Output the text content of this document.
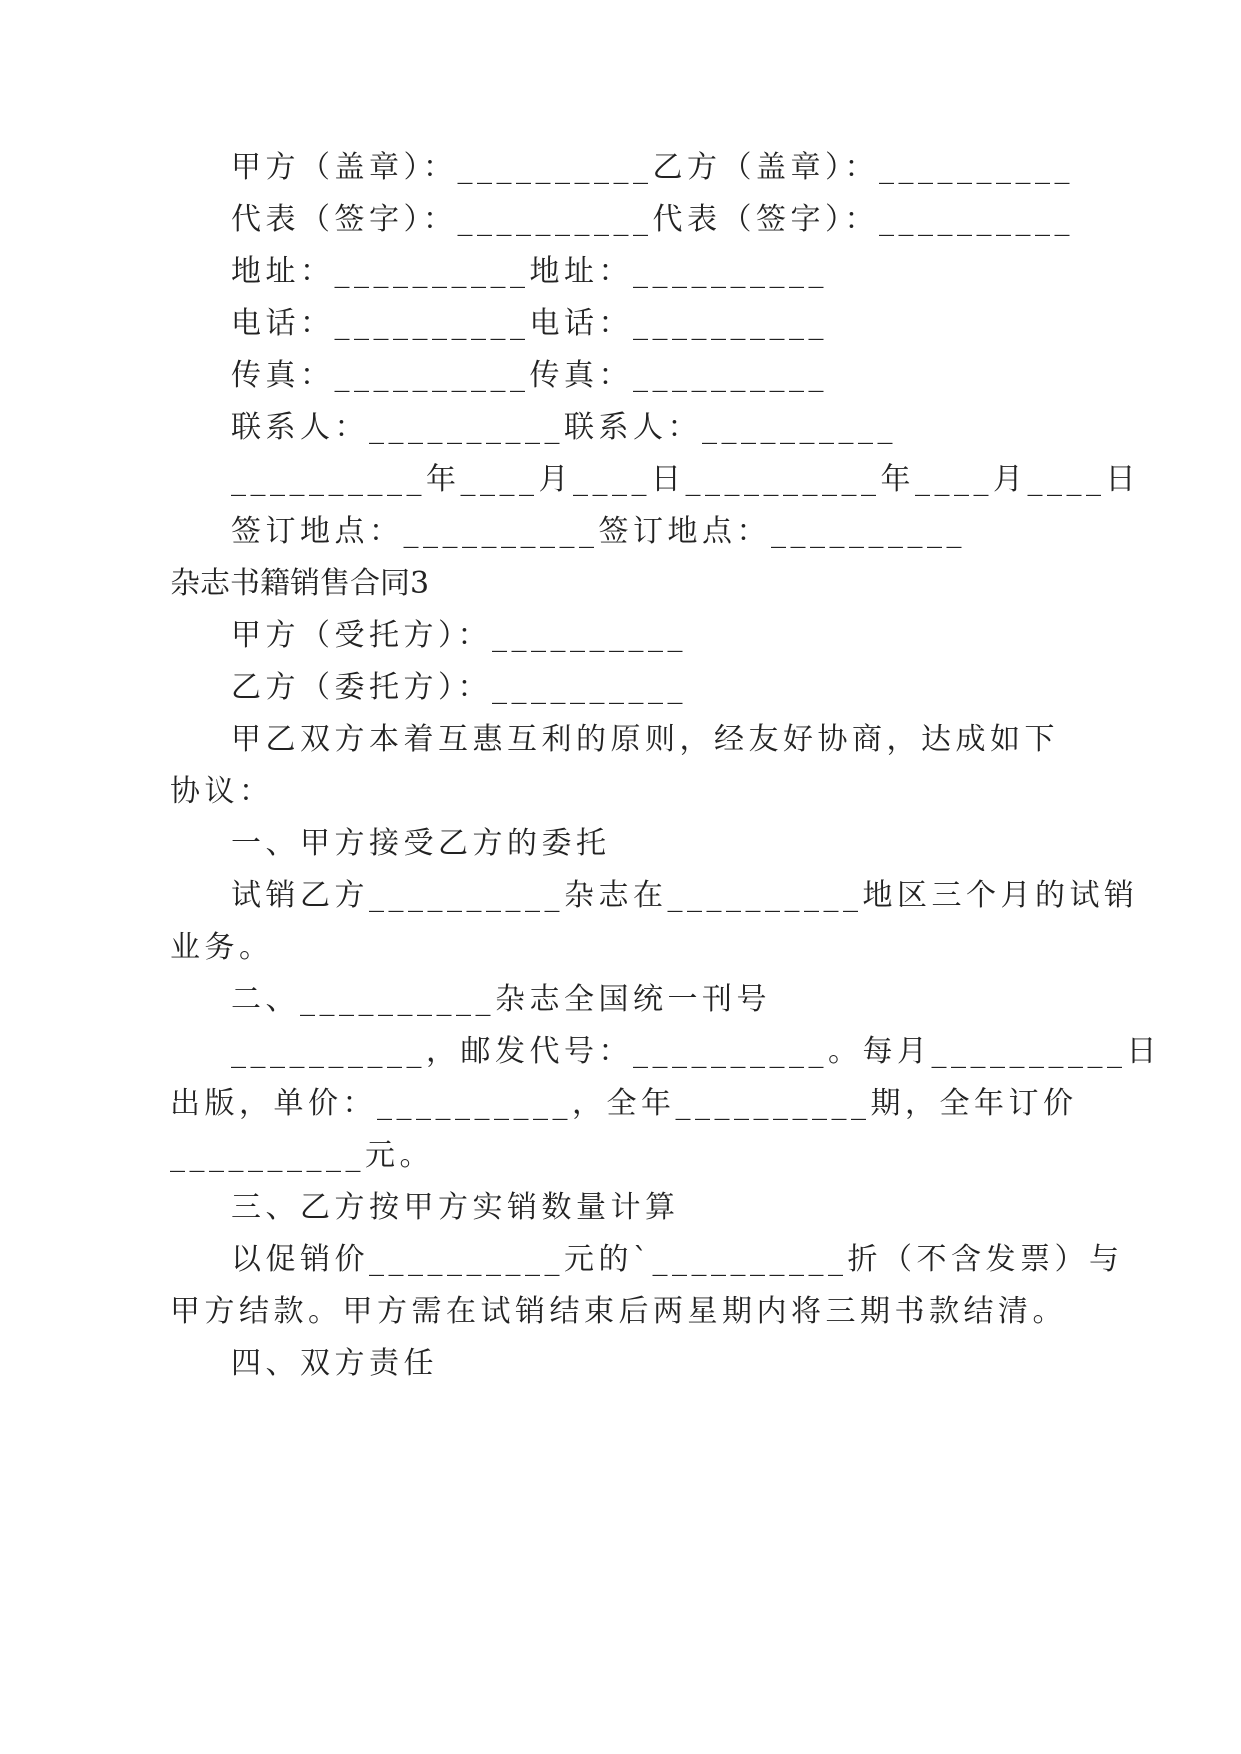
甲方（盖章）：__________乙方（盖章）：__________
代表（签字）：__________代表（签字）：__________
地址：__________地址：__________
电话：__________电话：__________
传真：__________传真：__________
联系人：__________联系人：__________
__________年____月____日__________年____月____日
签订地点：__________签订地点：__________
杂志书籍销售合同3
甲方（受托方）：__________
乙方（委托方）：__________
甲乙双方本着互惠互利的原则，经友好协商，达成如下
协议：
一、甲方接受乙方的委托
试销乙方__________杂志在__________地区三个月的试销
业务。
二、__________杂志全国统一刊号
__________，邮发代号：__________。每月__________日
出版，单价：__________，全年__________期，全年订价
__________元。
三、乙方按甲方实销数量计算
以促销价__________元的`__________折（不含发票）与
甲方结款。甲方需在试销结束后两星期内将三期书款结清。
四、双方责任
